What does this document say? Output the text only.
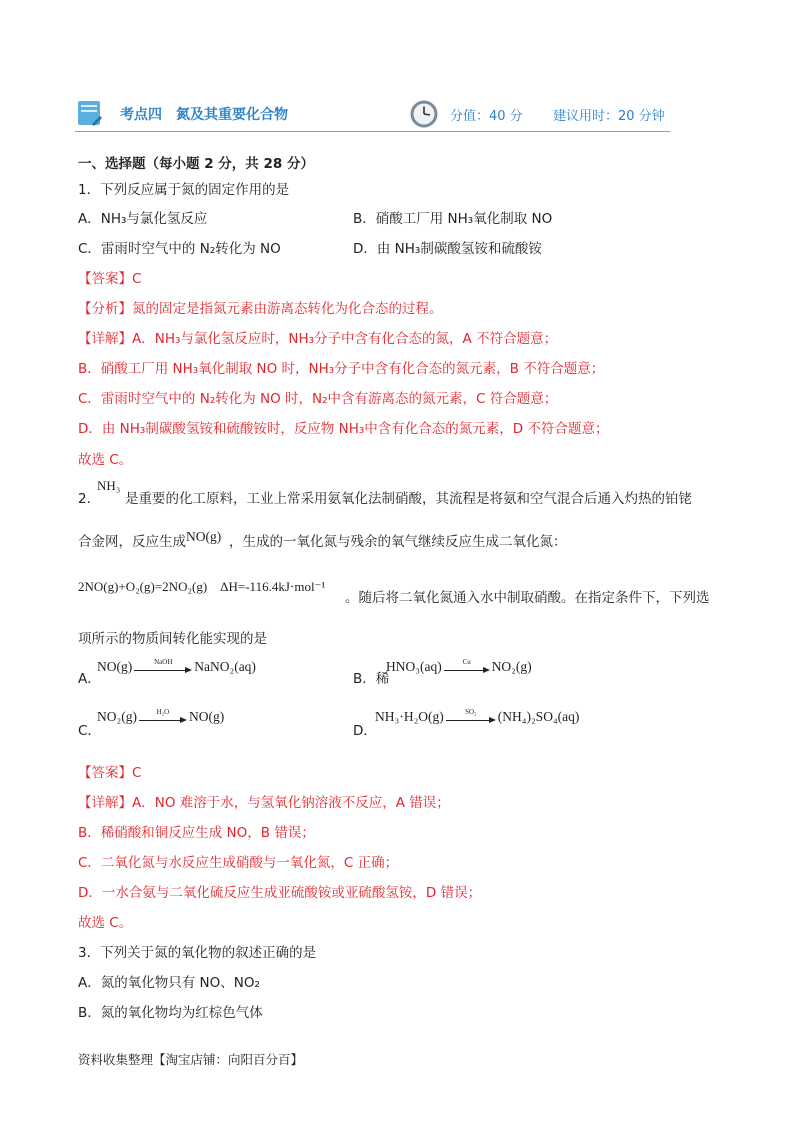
考点四　氮及其重要化合物	分值：40 分 建议用时：20 分钟
一、选择题（每小题 2 分，共 28 分）
1．下列反应属于氮的固定作用的是
A．NH₃与氯化氢反应	B．硝酸工厂用 NH₃氧化制取 NO
C．雷雨时空气中的 N₂转化为 NO	D．由 NH₃制碳酸氢铵和硫酸铵
【答案】C
【分析】氮的固定是指氮元素由游离态转化为化合态的过程。
【详解】A．NH₃与氯化氢反应时，NH₃分子中含有化合态的氮，A 不符合题意；
B．硝酸工厂用 NH₃氧化制取 NO 时，NH₃分子中含有化合态的氮元素，B 不符合题意；
C．雷雨时空气中的 N₂转化为 NO 时，N₂中含有游离态的氮元素，C 符合题意；
D．由 NH₃制碳酸氢铵和硫酸铵时，反应物 NH₃中含有化合态的氮元素，D 不符合题意；
故选 C。
2．
NH₃
是重要的化工原料，工业上常采用氨氧化法制硝酸，其流程是将氨和空气混合后通入灼热的铂铑
合金网，反应生成 NO(g) ，生成的一氧化氮与残余的氧气继续反应生成二氧化氮：
2NO(g)+O₂(g)=2NO₂(g)　ΔH=-116.4kJ⋅mol⁻¹
。随后将二氧化氮通入水中制取硝酸。在指定条件下，下列选
项所示的物质间转化能实现的是
A．
NO(g)	NaOH	NaNO₂(aq)
B．稀
HNO₃(aq)	Cu	NO₂(g)
C．
NO₂(g)	H₂O	NO(g)
D．
NH₃⋅H₂O(g)	SO₂	(NH₄)₂SO₄(aq)
【答案】C
【详解】A．NO 难溶于水，与氢氧化钠溶液不反应，A 错误；
B．稀硝酸和铜反应生成 NO，B 错误；
C．二氧化氮与水反应生成硝酸与一氧化氮，C 正确；
D．一水合氨与二氧化硫反应生成亚硫酸铵或亚硫酸氢铵，D 错误；
故选 C。
3．下列关于氮的氧化物的叙述正确的是
A．氮的氧化物只有 NO、NO₂
B．氮的氧化物均为红棕色气体
资料收集整理【淘宝店铺：向阳百分百】
